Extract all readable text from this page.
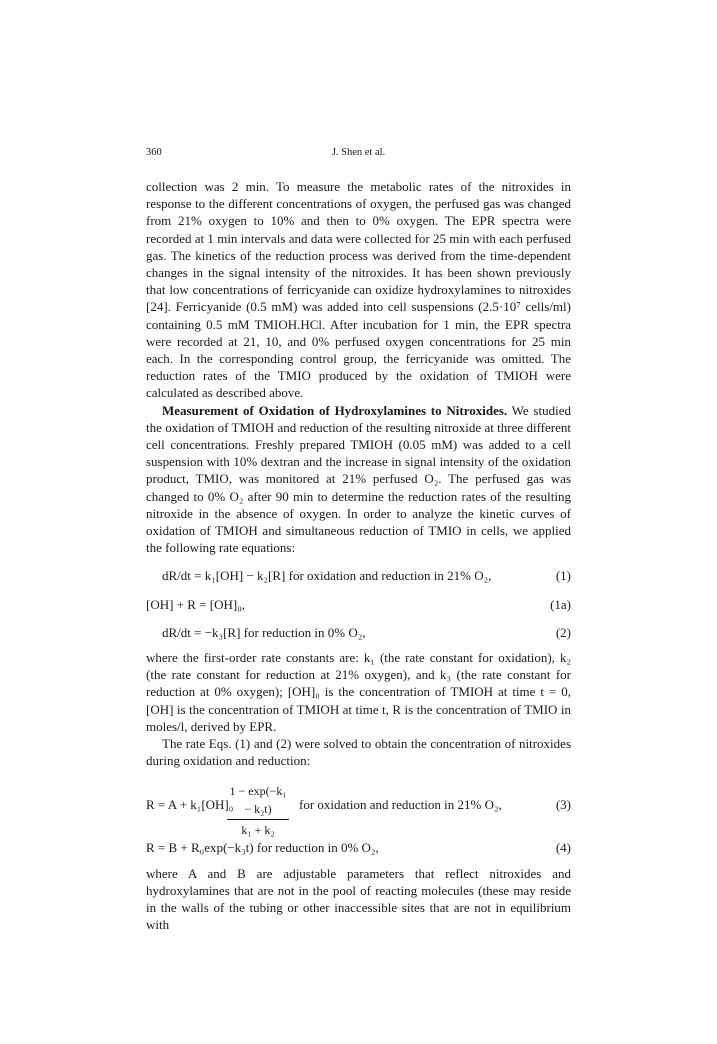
360	J. Shen et al.

collection was 2 min. To measure the metabolic rates of the nitroxides in response to the different concentrations of oxygen, the perfused gas was changed from 21% oxygen to 10% and then to 0% oxygen. The EPR spectra were recorded at 1 min intervals and data were collected for 25 min with each perfused gas. The kinetics of the reduction process was derived from the time-dependent changes in the signal intensity of the nitroxides. It has been shown previously that low concentrations of ferricyanide can oxidize hydroxylamines to nitroxides [24]. Ferricyanide (0.5 mM) was added into cell suspensions (2.5·10⁷ cells/ml) containing 0.5 mM TMIOH.HCl. After incubation for 1 min, the EPR spectra were recorded at 21, 10, and 0% perfused oxygen concentrations for 25 min each. In the corresponding control group, the ferricyanide was omitted. The reduction rates of the TMIO produced by the oxidation of TMIOH were calculated as described above.

Measurement of Oxidation of Hydroxylamines to Nitroxides. We studied the oxidation of TMIOH and reduction of the resulting nitroxide at three different cell concentrations. Freshly prepared TMIOH (0.05 mM) was added to a cell suspension with 10% dextran and the increase in signal intensity of the oxidation product, TMIO, was monitored at 21% perfused O₂. The perfused gas was changed to 0% O₂ after 90 min to determine the reduction rates of the resulting nitroxide in the absence of oxygen. In order to analyze the kinetic curves of oxidation of TMIOH and simultaneous reduction of TMIO in cells, we applied the following rate equations:

dR/dt = k₁[OH] − k₂[R] for oxidation and reduction in 21% O₂,	(1)
[OH] + R = [OH]₀,	(1a)
dR/dt = −k₃[R] for reduction in 0% O₂,	(2)

where the first-order rate constants are: k₁ (the rate constant for oxidation), k₂ (the rate constant for reduction at 21% oxygen), and k₃ (the rate constant for reduction at 0% oxygen); [OH]₀ is the concentration of TMIOH at time t = 0, [OH] is the concentration of TMIOH at time t, R is the concentration of TMIO in moles/l, derived by EPR.

The rate Eqs. (1) and (2) were solved to obtain the concentration of nitroxides during oxidation and reduction:

R = A + k₁[OH]₀
$\frac{\text{1 − exp(−k₁ − k₂t)}}{\text{k₁ + k₂}}$ for oxidation and reduction in 21% O₂,	(3)
R = B + R₀exp(−k₃t) for reduction in 0% O₂,	(4)

where A and B are adjustable parameters that reflect nitroxides and hydroxylamines that are not in the pool of reacting molecules (these may reside in the walls of the tubing or other inaccessible sites that are not in equilibrium with
